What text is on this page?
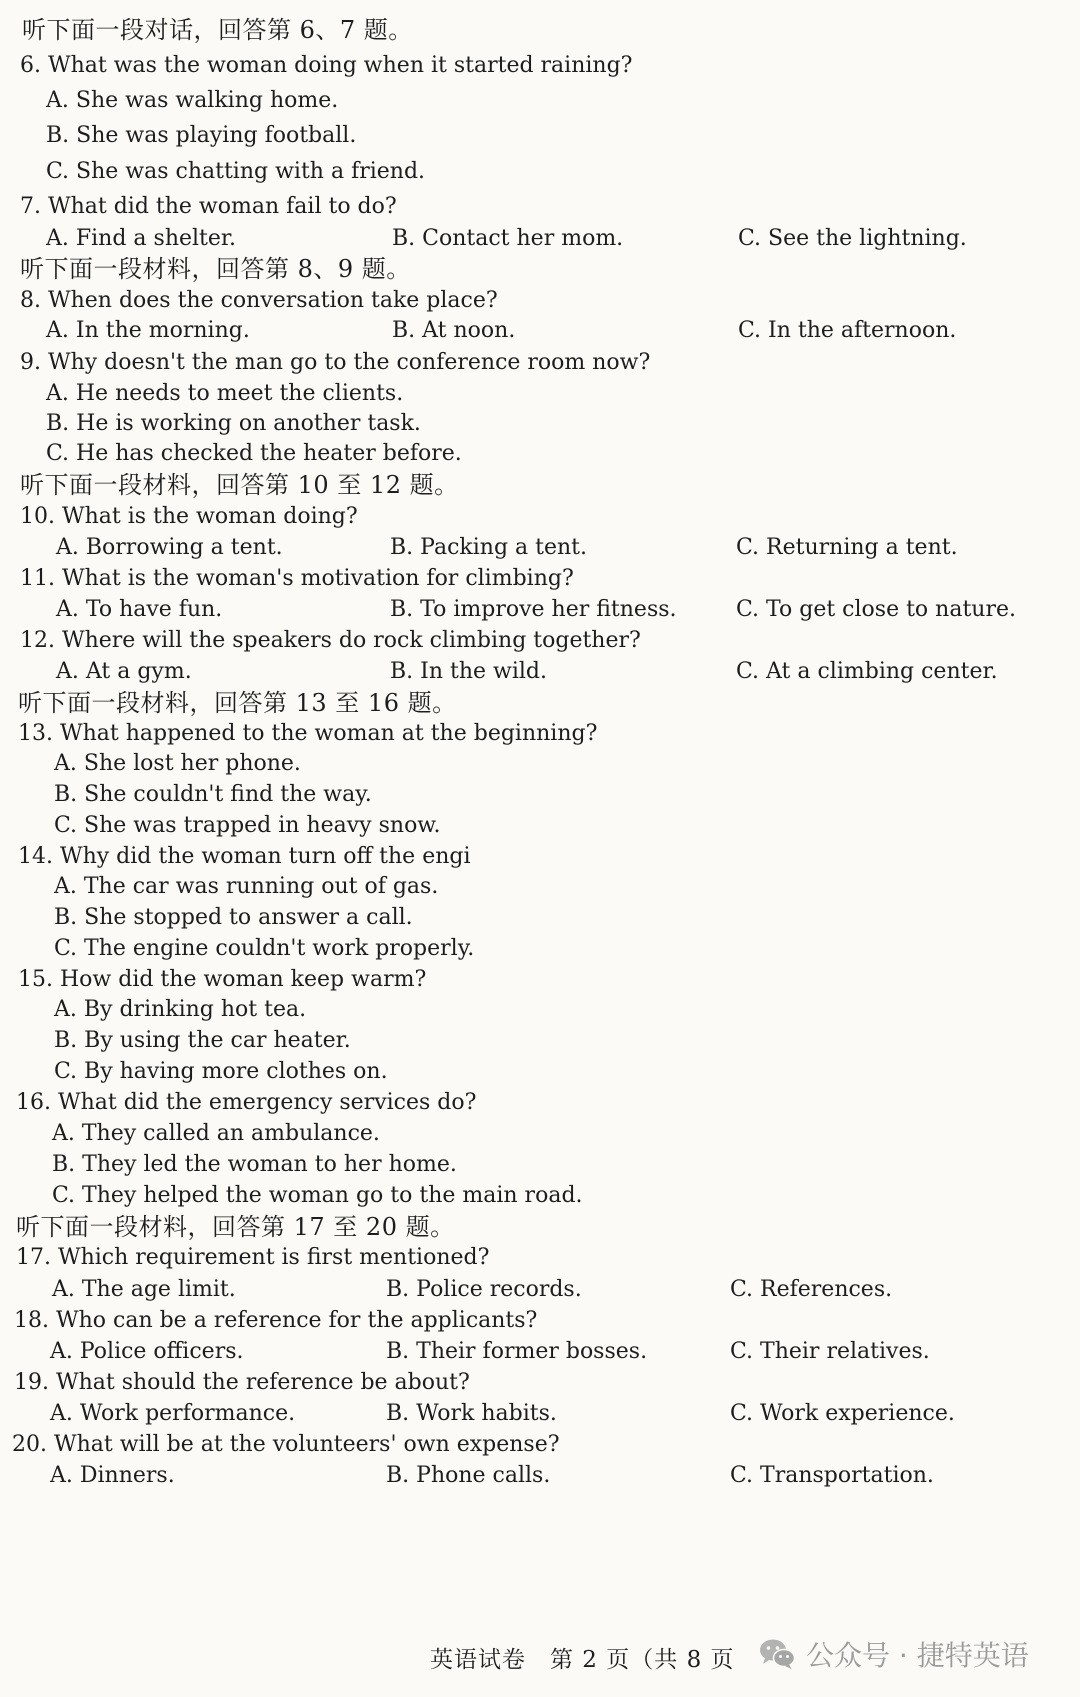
听下面一段对话，回答第 6、7 题。
6. What was the woman doing when it started raining?
A. She was walking home.
B. She was playing football.
C. She was chatting with a friend.
7. What did the woman fail to do?
A. Find a shelter.	B. Contact her mom.	C. See the lightning.
听下面一段材料，回答第 8、9 题。
8. When does the conversation take place?
A. In the morning.	B. At noon.	C. In the afternoon.
9. Why doesn't the man go to the conference room now?
A. He needs to meet the clients.
B. He is working on another task.
C. He has checked the heater before.
听下面一段材料，回答第 10 至 12 题。
10. What is the woman doing?
A. Borrowing a tent.	B. Packing a tent.	C. Returning a tent.
11. What is the woman's motivation for climbing?
A. To have fun.	B. To improve her fitness.	C. To get close to nature.
12. Where will the speakers do rock climbing together?
A. At a gym.	B. In the wild.	C. At a climbing center.
听下面一段材料，回答第 13 至 16 题。
13. What happened to the woman at the beginning?
A. She lost her phone.
B. She couldn't find the way.
C. She was trapped in heavy snow.
14. Why did the woman turn off the engi
A. The car was running out of gas.
B. She stopped to answer a call.
C. The engine couldn't work properly.
15. How did the woman keep warm?
A. By drinking hot tea.
B. By using the car heater.
C. By having more clothes on.
16. What did the emergency services do?
A. They called an ambulance.
B. They led the woman to her home.
C. They helped the woman go to the main road.
听下面一段材料，回答第 17 至 20 题。
17. Which requirement is first mentioned?
A. The age limit.	B. Police records.	C. References.
18. Who can be a reference for the applicants?
A. Police officers.	B. Their former bosses.	C. Their relatives.
19. What should the reference be about?
A. Work performance.	B. Work habits.	C. Work experience.
20. What will be at the volunteers' own expense?
A. Dinners.	B. Phone calls.	C. Transportation.
英语试卷　第 2 页（共 8 页	公众号 · 捷特英语
